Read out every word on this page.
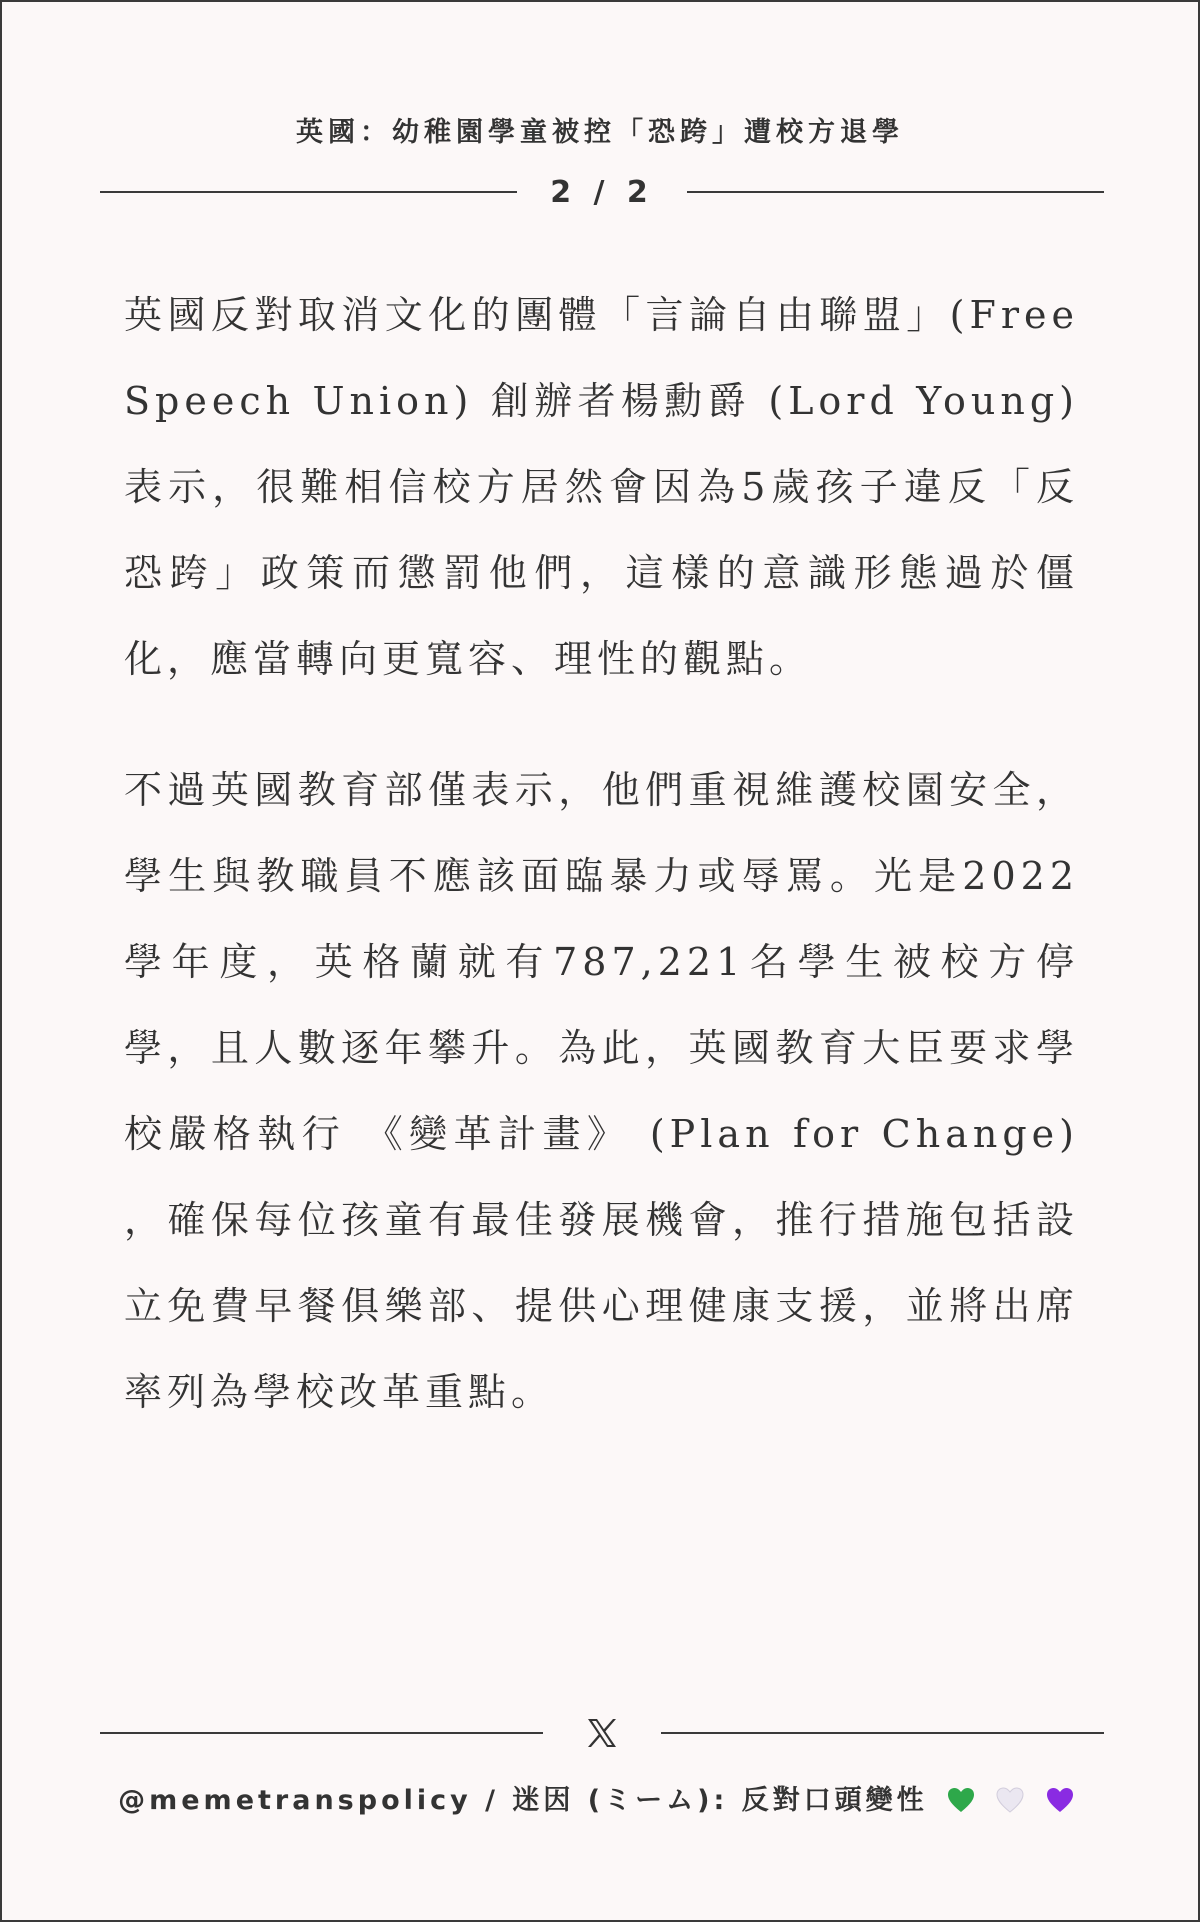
英國：幼稚園學童被控「恐跨」遭校方退學
2 / 2

英國反對取消文化的團體「言論自由聯盟」(Free Speech Union) 創辦者楊勳爵 (Lord Young) 表示，很難相信校方居然會因為5歲孩子違反「反恐跨」政策而懲罰他們，這樣的意識形態過於僵化，應當轉向更寬容、理性的觀點。

不過英國教育部僅表示，他們重視維護校園安全，學生與教職員不應該面臨暴力或辱罵。光是2022學年度，英格蘭就有787,221名學生被校方停學，且人數逐年攀升。為此，英國教育大臣要求學校嚴格執行 《變革計畫》 (Plan for Change) ，確保每位孩童有最佳發展機會，推行措施包括設立免費早餐俱樂部、提供心理健康支援，並將出席率列為學校改革重點。

@memetranspolicy / 迷因 (ミーム): 反對口頭變性
